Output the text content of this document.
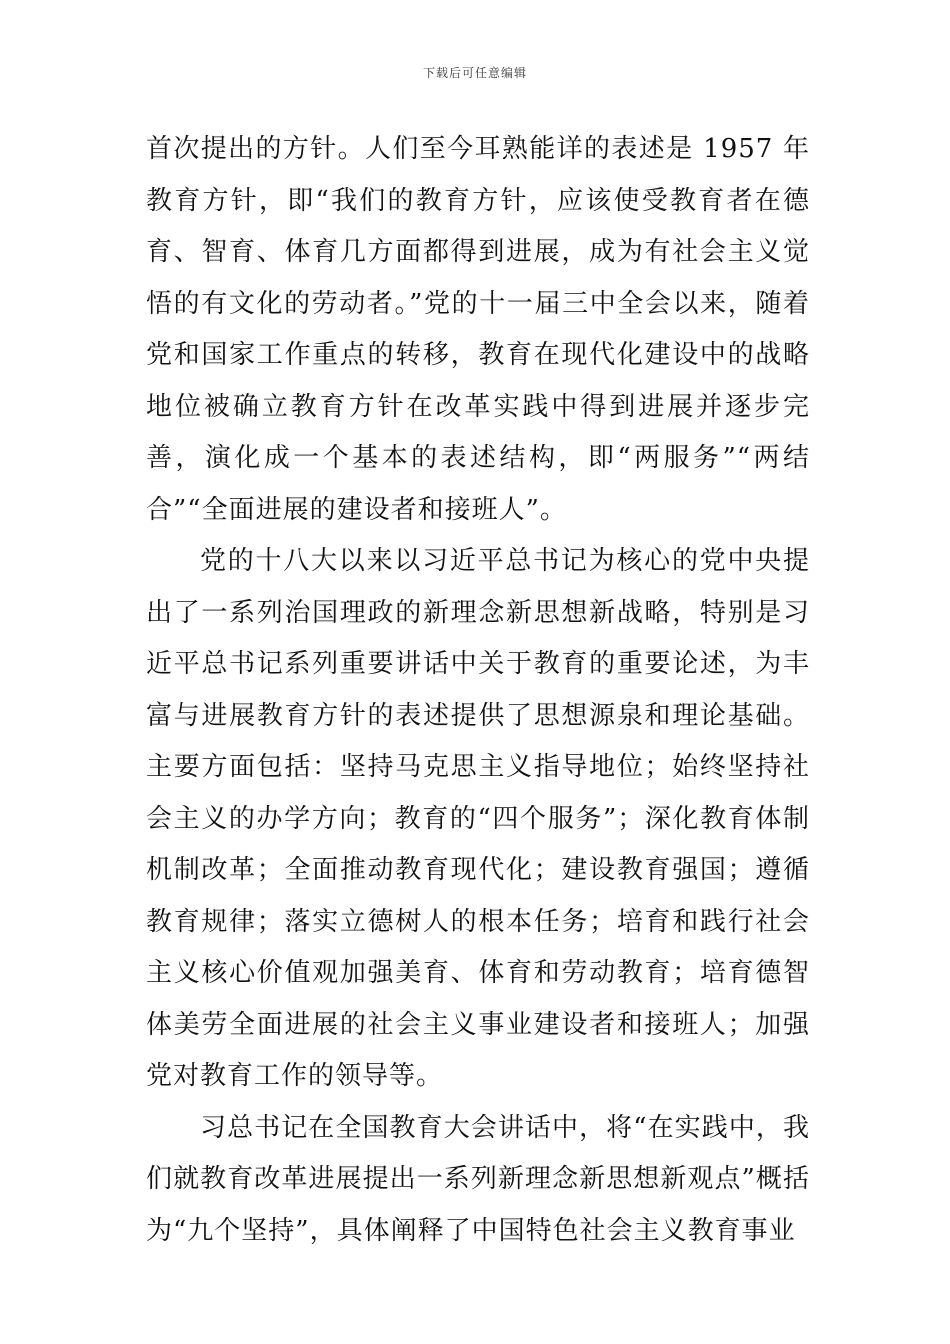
下载后可任意编辑

首次提出的方针。人们至今耳熟能详的表述是 1957 年教育方针，即“我们的教育方针，应该使受教育者在德育、智育、体育几方面都得到进展，成为有社会主义觉悟的有文化的劳动者。”党的十一届三中全会以来，随着党和国家工作重点的转移，教育在现代化建设中的战略地位被确立教育方针在改革实践中得到进展并逐步完善，演化成一个基本的表述结构，即“两服务”“两结合”“全面进展的建设者和接班人”。

党的十八大以来以习近平总书记为核心的党中央提出了一系列治国理政的新理念新思想新战略，特别是习近平总书记系列重要讲话中关于教育的重要论述，为丰富与进展教育方针的表述提供了思想源泉和理论基础。主要方面包括：坚持马克思主义指导地位；始终坚持社会主义的办学方向；教育的“四个服务”；深化教育体制机制改革；全面推动教育现代化；建设教育强国；遵循教育规律；落实立德树人的根本任务；培育和践行社会主义核心价值观加强美育、体育和劳动教育；培育德智体美劳全面进展的社会主义事业建设者和接班人；加强党对教育工作的领导等。

习总书记在全国教育大会讲话中，将“在实践中，我们就教育改革进展提出一系列新理念新思想新观点”概括为“九个坚持”，具体阐释了中国特色社会主义教育事业
